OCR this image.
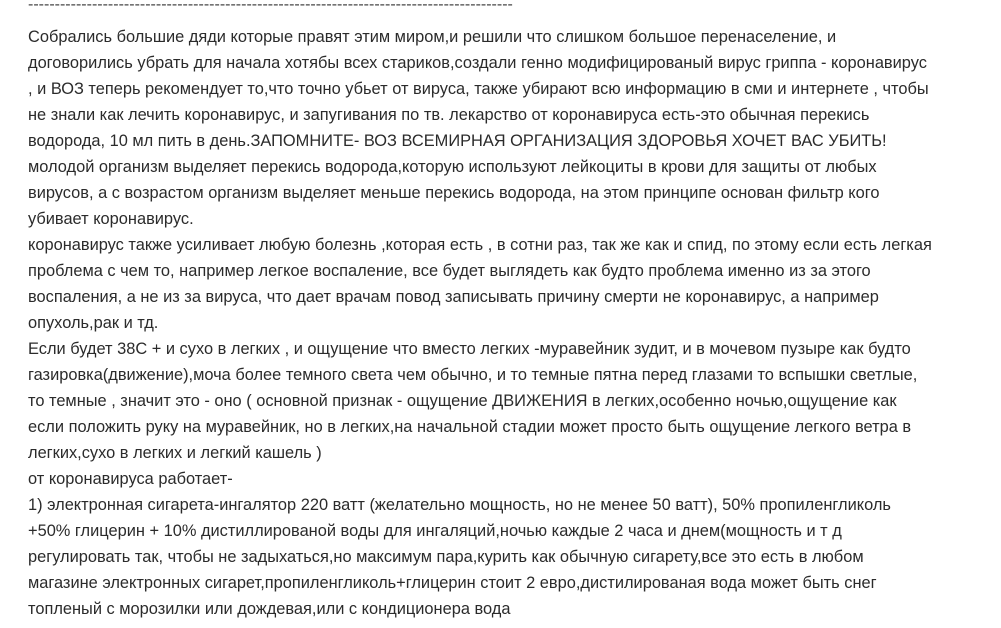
-------------------------------------------------------------------------------------------
Собрались большие дяди которые правят этим миром,и решили что слишком большое перенаселение, и
договорились убрать для начала хотябы всех стариков,создали генно модифицированый вирус гриппа - коронавирус
, и ВОЗ теперь рекомендует то,что точно убьет от вируса, также убирают всю информацию в сми и интернете , чтобы
не знали как лечить коронавирус, и запугивания по тв. лекарство от коронавируса есть-это обычная перекись
водорода, 10 мл пить в день.ЗАПОМНИТЕ- ВОЗ ВСЕМИРНАЯ ОРГАНИЗАЦИЯ ЗДОРОВЬЯ ХОЧЕТ ВАС УБИТЬ!
молодой организм выделяет перекись водорода,которую используют лейкоциты в крови для защиты от любых
вирусов, а с возрастом организм выделяет меньше перекись водорода, на этом принципе основан фильтр кого
убивает коронавирус.
коронавирус также усиливает любую болезнь ,которая есть , в сотни раз, так же как и спид, по этому если есть легкая
проблема с чем то, например легкое воспаление, все будет выглядеть как будто проблема именно из за этого
воспаления, а не из за вируса, что дает врачам повод записывать причину смерти не коронавирус, а например
опухоль,рак и тд.
Если будет 38С + и сухо в легких , и ощущение что вместо легких -муравейник зудит, и в мочевом пузыре как будто
газировка(движение),моча более темного света чем обычно, и то темные пятна перед глазами то вспышки светлые,
то темные , значит это - оно ( основной признак - ощущение ДВИЖЕНИЯ в легких,особенно ночью,ощущение как
если положить руку на муравейник, но в легких,на начальной стадии может просто быть ощущение легкого ветра в
легких,сухо в легких и легкий кашель )
от коронавируса работает-
1) электронная сигарета-ингалятор 220 ватт (желательно мощность, но не менее 50 ватт), 50% пропиленгликоль
+50% глицерин + 10% дистиллированой воды для ингаляций,ночью каждые 2 часа и днем(мощность и т д
регулировать так, чтобы не задыхаться,но максимум пара,курить как обычную сигарету,все это есть в любом
магазине электронных сигарет,пропиленгликоль+глицерин стоит 2 евро,дистилированая вода может быть снег
топленый с морозилки или дождевая,или с кондиционера вода
